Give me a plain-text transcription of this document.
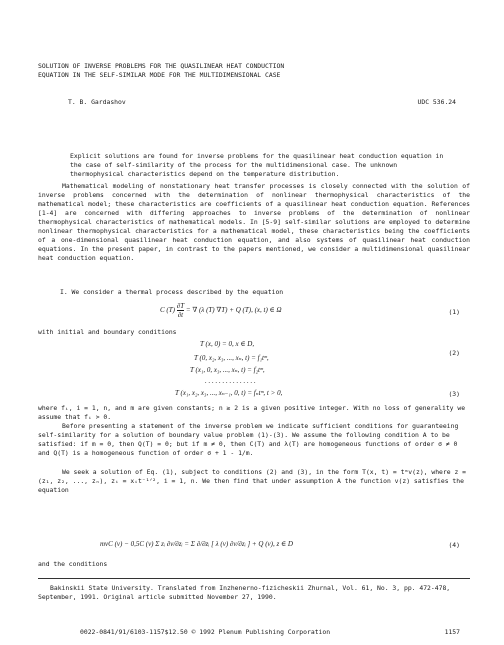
SOLUTION OF INVERSE PROBLEMS FOR THE QUASILINEAR HEAT CONDUCTION
EQUATION IN THE SELF-SIMILAR MODE FOR THE MULTIDIMENSIONAL CASE
T. B. Gardashov	UDC 536.24
Explicit solutions are found for inverse problems for the quasilinear heat conduction equation in the case of self-similarity of the process for the multidimensional case. The unknown thermophysical characteristics depend on the temperature distribution.
Mathematical modeling of nonstationary heat transfer processes is closely connected with the solution of inverse problems concerned with the determination of nonlinear thermophysical characteristics of the mathematical model; these characteristics are coefficients of a quasilinear heat conduction equation. References [1-4] are concerned with differing approaches to inverse problems of the determination of nonlinear thermophysical characteristics of mathematical models. In [5-9] self-similar solutions are employed to determine nonlinear thermophysical characteristics for a mathematical model, these characteristics being the coefficients of a one-dimensional quasilinear heat conduction equation, and also systems of quasilinear heat conduction equations. In the present paper, in contrast to the papers mentioned, we consider a multidimensional quasilinear heat conduction equation.
I. We consider a thermal process described by the equation
C $(T) \frac{\partial T}{\partial t}$ = ∇ (λ (T) ∇T) + Q (T), (x, t) ∈ Ω	(1)
with initial and boundary conditions
T (x, 0) = 0, x ∈ D,
(2)
T (0, x₂, x₃, ..., xₙ, t) = f₁tᵐ,
T (x₁, 0, x₃, ..., xₙ, t) = f₂tᵐ,
. . . . . . . . . . . . . . .
T (x₁, x₂, x₃, ..., xₙ₋₁, 0, t) = fₙtᵐ, t > 0,	(3)
where fᵢ, i = 1, n, and m are given constants; n ≥ 2 is a given positive integer. With no loss of generality we assume that fᵢ > 0.
Before presenting a statement of the inverse problem we indicate sufficient conditions for guaranteeing self-similarity for a solution of boundary value problem (1)-(3). We assume the following condition A to be satisfied: if m = 0, then Q(T) = 0; but if m ≠ 0, then C(T) and λ(T) are homogeneous functions of order σ ≠ 0 and Q(T) is a homogeneous function of order σ + 1 - 1/m.
We seek a solution of Eq. (1), subject to conditions (2) and (3), in the form T(x, t) = tᵐv(z), where z = (z₁, z₂, ..., zₙ), zᵢ = xᵢt⁻¹ᐟ², i = 1, n. We then find that under assumption A the function v(z) satisfies the equation
mvC (v) − 0,5C (v) Σ zᵢ ∂v/∂zᵢ = Σ ∂/∂zᵢ [ λ (v) ∂v/∂zᵢ ] + Q (v), z ∈ D	(4)
and the conditions
Bakinskii State University. Translated from Inzhenerno-fizicheskii Zhurnal, Vol. 61, No. 3, pp. 472-478, September, 1991. Original article submitted November 27, 1990.
0022-0841/91/6103-1157$12.50 © 1992 Plenum Publishing Corporation	1157
